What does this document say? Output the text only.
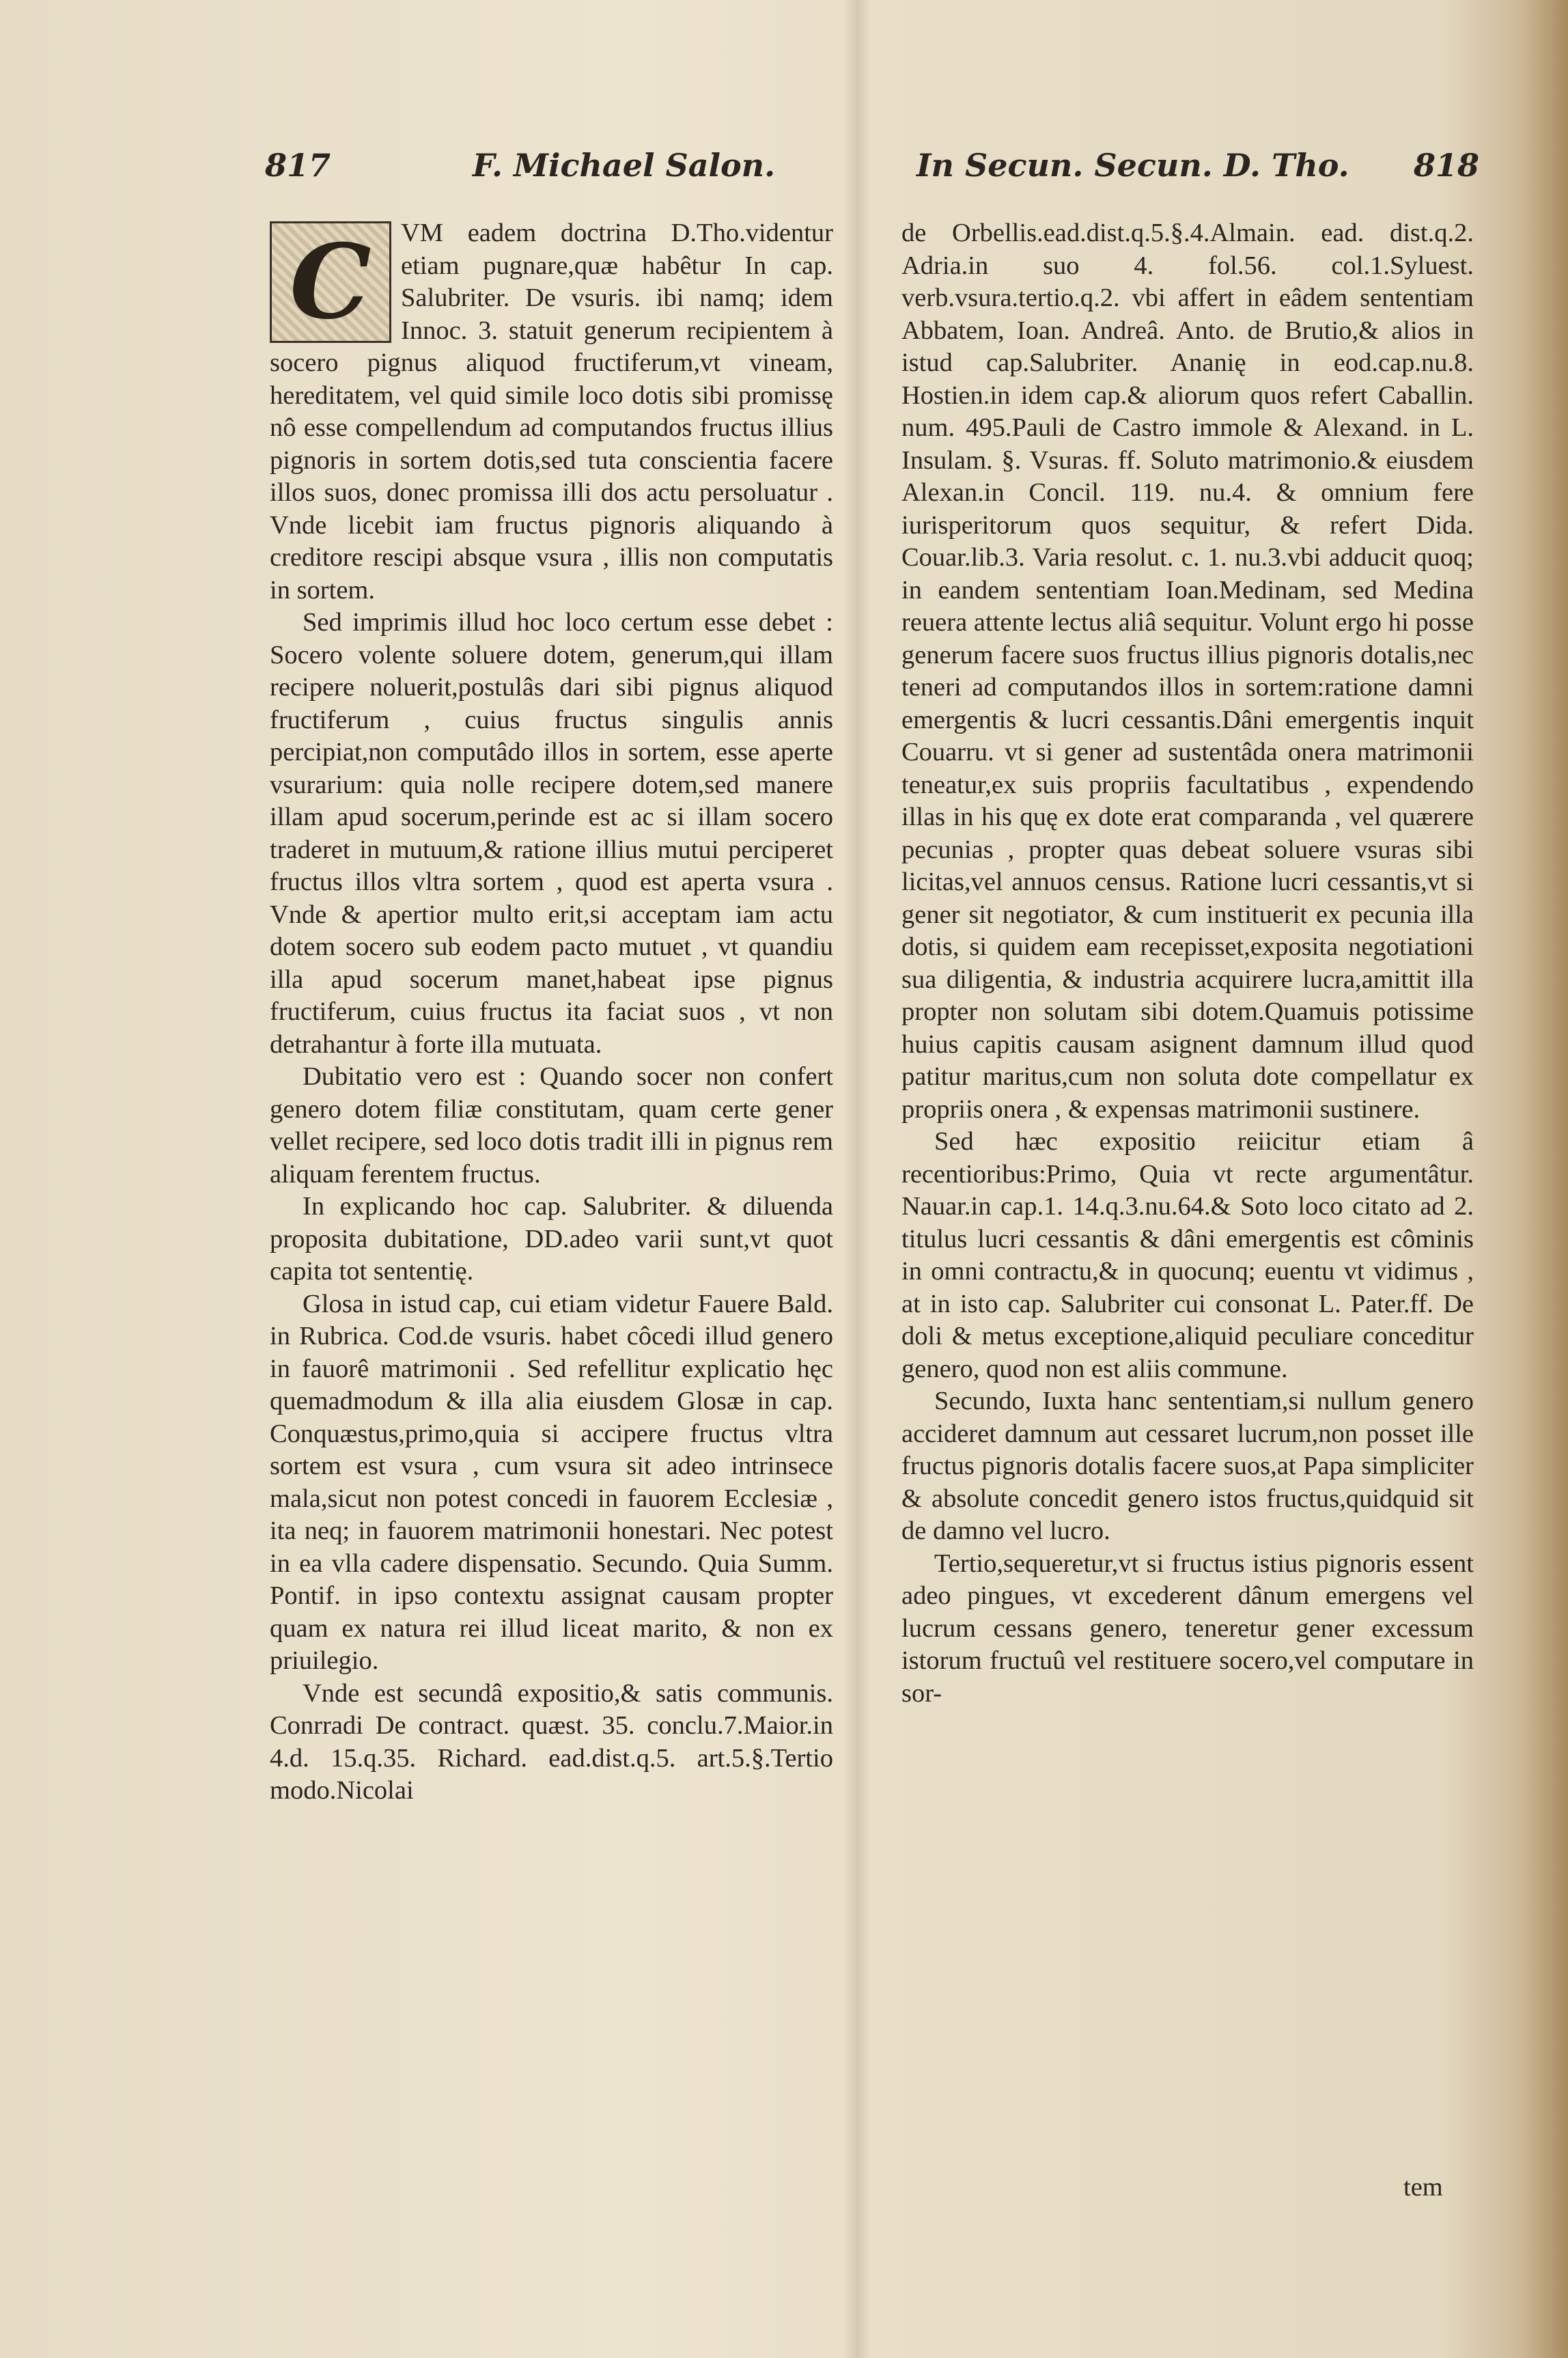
817	F. Michael Salon.	In Secun. Secun. D. Tho. 818
C	VM eadem doctrina D.Tho.videntur etiam pugnare,quæ habêtur In cap. Salubriter. De vsuris. ibi namq; idem Innoc. 3. statuit generum recipientem à socero pignus aliquod fructiferum,vt vineam, hereditatem, vel quid simile loco dotis sibi promissę nô esse compellendum ad computandos fructus illius pignoris in sortem dotis,sed tuta conscientia facere illos suos, donec promissa illi dos actu persoluatur . Vnde licebit iam fructus pignoris aliquando à creditore rescipi absque vsura , illis non computatis in sortem.

Sed imprimis illud hoc loco certum esse debet : Socero volente soluere dotem, generum,qui illam recipere noluerit,postulâs dari sibi pignus aliquod fructiferum , cuius fructus singulis annis percipiat,non computâdo illos in sortem, esse aperte vsurarium: quia nolle recipere dotem,sed manere illam apud socerum,perinde est ac si illam socero traderet in mutuum,& ratione illius mutui perciperet fructus illos vltra sortem , quod est aperta vsura . Vnde & apertior multo erit,si acceptam iam actu dotem socero sub eodem pacto mutuet , vt quandiu illa apud socerum manet,habeat ipse pignus fructiferum, cuius fructus ita faciat suos , vt non detrahantur à forte illa mutuata.

Dubitatio vero est : Quando socer non confert genero dotem filiæ constitutam, quam certe gener vellet recipere, sed loco dotis tradit illi in pignus rem aliquam ferentem fructus.

In explicando hoc cap. Salubriter. & diluenda proposita dubitatione, DD.adeo varii sunt,vt quot capita tot sententię.

Glosa in istud cap, cui etiam videtur Fauere Bald. in Rubrica. Cod.de vsuris. habet côcedi illud genero in fauorê matrimonii . Sed refellitur explicatio hęc quemadmodum & illa alia eiusdem Glosæ in cap. Conquæstus,primo,quia si accipere fructus vltra sortem est vsura , cum vsura sit adeo intrinsece mala,sicut non potest concedi in fauorem Ecclesiæ , ita neq; in fauorem matrimonii honestari. Nec potest in ea vlla cadere dispensatio. Secundo. Quia Summ. Pontif. in ipso contextu assignat causam propter quam ex natura rei illud liceat marito, & non ex priuilegio.

Vnde est secundâ expositio,& satis communis. Conrradi De contract. quæst. 35. conclu.7.Maior.in 4.d. 15.q.35. Richard. ead.dist.q.5. art.5.§.Tertio modo.Nicolai

de Orbellis.ead.dist.q.5.§.4.Almain. ead. dist.q.2. Adria.in suo 4. fol.56. col.1.Syluest. verb.vsura.tertio.q.2. vbi affert in eâdem sententiam Abbatem, Ioan. Andreâ. Anto. de Brutio,& alios in istud cap.Salubriter. Ananię in eod.cap.nu.8. Hostien.in idem cap.& aliorum quos refert Caballin. num. 495.Pauli de Castro immole & Alexand. in L. Insulam. §. Vsuras. ff. Soluto matrimonio.& eiusdem Alexan.in Concil. 119. nu.4. & omnium fere iurisperitorum quos sequitur, & refert Dida. Couar.lib.3. Varia resolut. c. 1. nu.3.vbi adducit quoq; in eandem sententiam Ioan.Medinam, sed Medina reuera attente lectus aliâ sequitur. Volunt ergo hi posse generum facere suos fructus illius pignoris dotalis,nec teneri ad computandos illos in sortem:ratione damni emergentis & lucri cessantis.Dâni emergentis inquit Couarru. vt si gener ad sustentâda onera matrimonii teneatur,ex suis propriis facultatibus , expendendo illas in his quę ex dote erat comparanda , vel quærere pecunias , propter quas debeat soluere vsuras sibi licitas,vel annuos census. Ratione lucri cessantis,vt si gener sit negotiator, & cum instituerit ex pecunia illa dotis, si quidem eam recepisset,exposita negotiationi sua diligentia, & industria acquirere lucra,amittit illa propter non solutam sibi dotem.Quamuis potissime huius capitis causam asignent damnum illud quod patitur maritus,cum non soluta dote compellatur ex propriis onera , & expensas matrimonii sustinere.

Sed hæc expositio reiicitur etiam â recentioribus:Primo, Quia vt recte argumentâtur. Nauar.in cap.1. 14.q.3.nu.64.& Soto loco citato ad 2. titulus lucri cessantis & dâni emergentis est côminis in omni contractu,& in quocunq; euentu vt vidimus , at in isto cap. Salubriter cui consonat L. Pater.ff. De doli & metus exceptione,aliquid peculiare conceditur genero, quod non est aliis commune.

Secundo, Iuxta hanc sententiam,si nullum genero accideret damnum aut cessaret lucrum,non posset ille fructus pignoris dotalis facere suos,at Papa simpliciter & absolute concedit genero istos fructus,quidquid sit de damno vel lucro.

Tertio,sequeretur,vt si fructus istius pignoris essent adeo pingues, vt excederent dânum emergens vel lucrum cessans genero, teneretur gener excessum istorum fructuû vel restituere socero,vel computare in sor-

tem
